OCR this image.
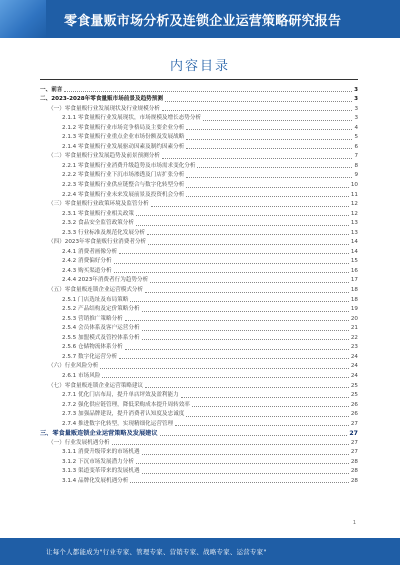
零食量贩市场分析及连锁企业运营策略研究报告
内容目录
一、前言	3
二、2023-2028年零食量贩市场前景及趋势预测	3
（一）零食量贩行业发展现状及行业规模分析	3
2.1.1 零食量贩行业发展现状，市场规模及增长态势分析	3
2.1.2 零食量贩行业市场竞争格局及主要企业分析	4
2.1.3 零食量贩行业重点企业市场份额及发展战略	5
2.1.4 零食量贩行业发展驱动因素及制约因素分析	6
（二）零食量贩行业发展趋势及前景预测分析	7
2.2.1 零食量贩行业消费升级趋势及市场需求变化分析	8
2.2.2 零食量贩行业下沉市场渗透及门店扩张分析	9
2.2.3 零食量贩行业供应链整合与数字化转型分析	10
2.2.4 零食量贩行业未来发展前景及投资机会分析	11
（三）零食量贩行业政策环境及监管分析	12
2.3.1 零食量贩行业相关政策	12
2.3.2 食品安全监管政策分析	13
2.3.3 行业标准及规范化发展分析	13
（四）2023年零食量贩行业消费者分析	14
2.4.1 消费者画像分析	14
2.4.2 消费偏好分析	15
2.4.3 购买渠道分析	16
2.4.4 2023年消费者行为趋势分析	17
（五）零食量贩连锁企业运营模式分析	18
2.5.1 门店选址及布局策略	18
2.5.2 产品结构及定价策略分析	19
2.5.3 营销推广策略分析	20
2.5.4 会员体系及客户运营分析	21
2.5.5 加盟模式及管控体系分析	22
2.5.6 仓储物流体系分析	23
2.5.7 数字化运营分析	24
（六）行业风险分析	24
2.6.1 市场风险	24
（七）零食量贩连锁企业运营策略建议	25
2.7.1 优化门店布局，提升单店坪效及盈利能力	25
2.7.2 强化供应链管理，降低采购成本提升周转效率	26
2.7.3 加强品牌建设，提升消费者认知度及忠诚度	26
2.7.4 推进数字化转型，实现精细化运营管理	27
三、零食量贩连锁企业运营策略及发展建议	27
（一）行业发展机遇分析	27
3.1.1 消费升级带来的市场机遇	27
3.1.2 下沉市场发展潜力分析	28
3.1.3 渠道变革带来的发展机遇	28
3.1.4 品牌化发展机遇分析	28
1
让每个人都能成为"行业专家、管理专家、营销专家、战略专家、运营专家"
